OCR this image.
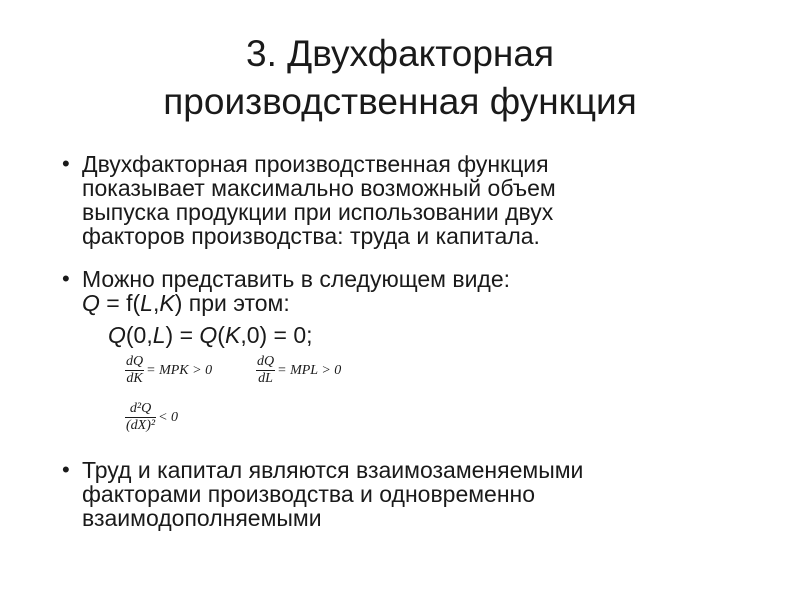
3. Двухфакторная
производственная функция
• Двухфакторная производственная функция
показывает максимально возможный объем
выпуска продукции при использовании двух
факторов производства: труда и капитала.
• Можно представить в следующем виде:
Q = f(L,K) при этом:
Q(0,L) = Q(K,0) = 0;
$\frac{dQ}{dK}$ = MPK > 0	$\frac{dQ}{dL}$ = MPL > 0
$\frac{\text{d²Q}}{\text{(dX)²}} < 0$
• Труд и капитал являются взаимозаменяемыми
факторами производства и одновременно
взаимодополняемыми
